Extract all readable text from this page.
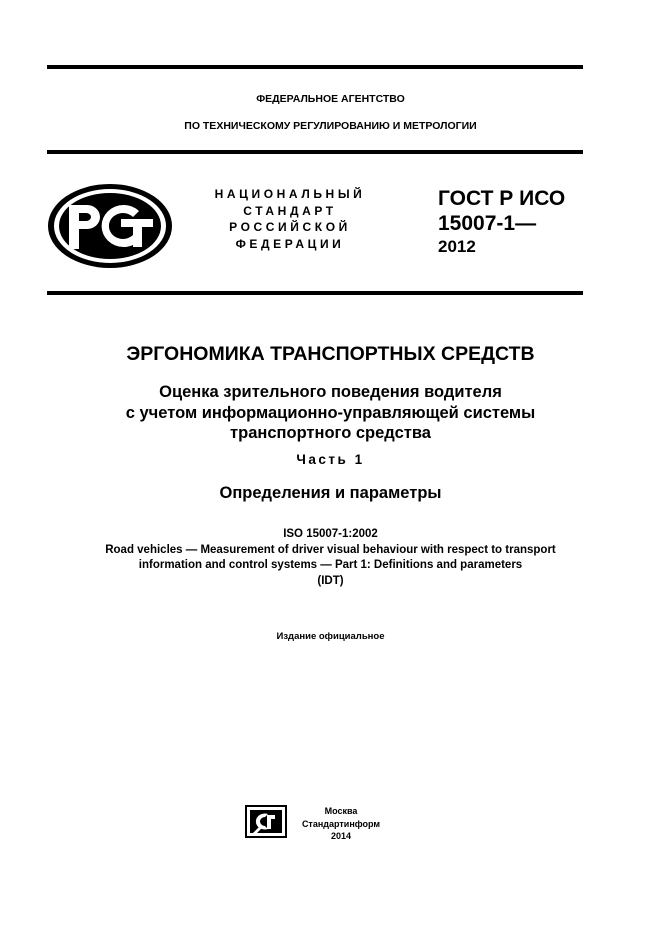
ФЕДЕРАЛЬНОЕ АГЕНТСТВО
ПО ТЕХНИЧЕСКОМУ РЕГУЛИРОВАНИЮ И МЕТРОЛОГИИ
НАЦИОНАЛЬНЫЙ
СТАНДАРТ
РОССИЙСКОЙ
ФЕДЕРАЦИИ
ГОСТ Р ИСО
15007-1—
2012
ЭРГОНОМИКА ТРАНСПОРТНЫХ СРЕДСТВ
Оценка зрительного поведения водителя
с учетом информационно-управляющей системы
транспортного средства
Часть 1
Определения и параметры
ISO 15007-1:2002
Road vehicles — Measurement of driver visual behaviour with respect to transport
information and control systems — Part 1: Definitions and parameters
(IDT)
Издание официальное
Москва
Стандартинформ
2014
